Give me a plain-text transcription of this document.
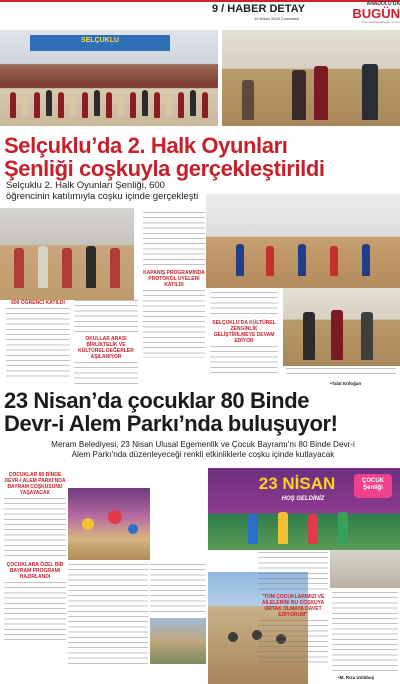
9 / HABER DETAY
19 Nisan 2026 Cumartesi
ANADOLU'DA
BUGÜN
www.anadoludabugun.com.tr
SELÇUKLU
Selçuklu’da 2. Halk Oyunları
Şenliği coşkuyla gerçekleştirildi
Selçuklu 2. Halk Oyunları Şenliği, 600 öğrencinin katılımıyla coşku içinde gerçekleşti
600 ÖĞRENCİ KATILDI
OKULLAR ARASI BİRLİKTELİK VE KÜLTÜREL DEĞERLER AŞILANIYOR
KAPANIŞ PROGRAMINDA PROTOKOL UYELERİ KATILDI
SELÇUKLU'DA KÜLTÜREL ZENGİNLİK GELİŞTİRİLMEYE DEVAM EDİYOR
•Talat Erdoğan
23 Nisan’da çocuklar 80 Binde
Devr-i Alem Parkı’nda buluşuyor!
Meram Belediyesi, 23 Nisan Ulusal Egemenlik ve Çocuk Bayramı'nı 80 Binde Devr-i Alem Parkı'nda düzenleyeceği renkli etkinliklerle coşku içinde kutlayacak
23 NİSAN	ÇOCUK Şenliği
HOŞ GELDİNİZ
ÇOCUKLAR 80 BİNDE DEVR-İ ALEM PARKI'NDA BAYRAM COŞKUSUNU YAŞAYACAK
ÇOCUKLARA ÖZEL BİR BAYRAM PROGRAMI HAZIRLANDI
"TÜM ÇOCUKLARIMIZI VE AİLELERİNİ BU COŞKUYA ORTAK OLMAYA DAVET EDİYORUM"
•M. Rıza Ünlübaş
